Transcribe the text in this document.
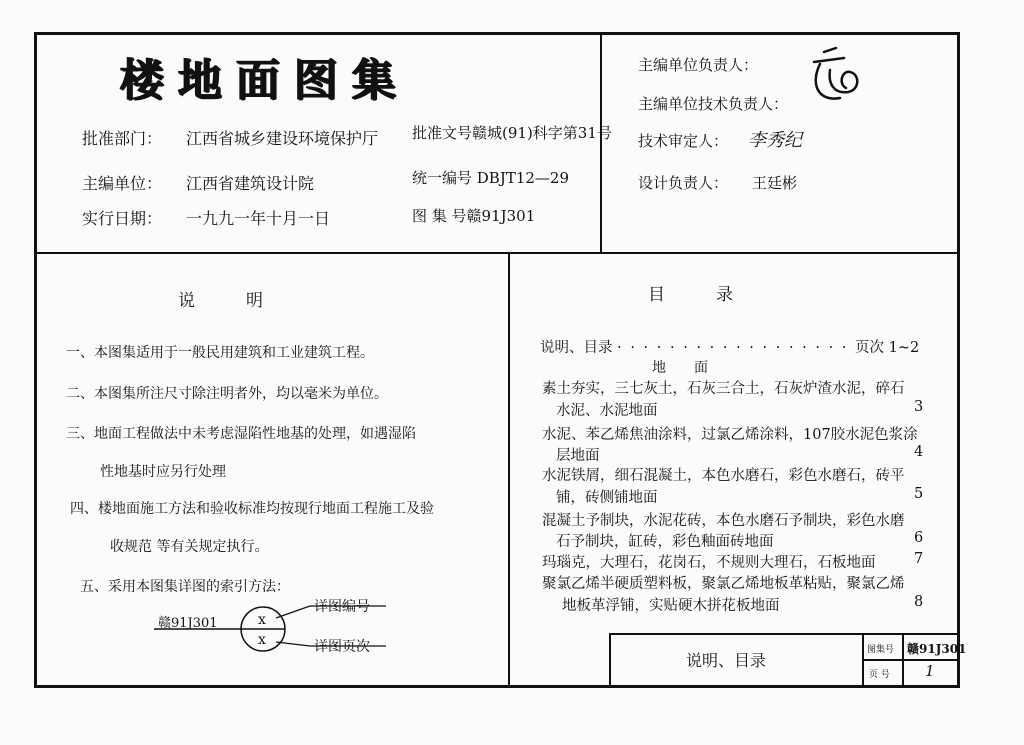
楼地面图集
批准部门： 江西省城乡建设环境保护厅
主编单位： 江西省建筑设计院
实行日期： 一九九一年十月一日
批准文号赣城(91)科字第31号
统一编号 DBJT12—29
图 集 号赣91J301
主编单位负责人：
主编单位技术负责人：
技术审定人： 李秀纪
设计负责人： 王廷彬
说　　　明
一、本图集适用于一般民用建筑和工业建筑工程。
二、本图集所注尺寸除注明者外，均以毫米为单位。
三、地面工程做法中未考虑湿陷性地基的处理，如遇湿陷
性地基时应另行处理
四、楼地面施工方法和验收标准均按现行地面工程施工及验
收规范 等有关规定执行。
五、采用本图集详图的索引方法：
赣91J301	x
x
详图编号
详图页次
目　　　录
说明、目录 · · · · · · · · · · · · · · · · · · 页次 1~2
地　　面
素土夯实，三七灰土，石灰三合土，石灰炉渣水泥，碎石
水泥、水泥地面	3
水泥、苯乙烯焦油涂料，过氯乙烯涂料，107胶水泥色浆涂
层地面	4
水泥铁屑，细石混凝土，本色水磨石，彩色水磨石，砖平
铺，砖侧铺地面	5
混凝土予制块，水泥花砖，本色水磨石予制块，彩色水磨
石予制块，缸砖，彩色釉面砖地面	6
玛瑙克，大理石，花岗石，不规则大理石，石板地面	7
聚氯乙烯半硬质塑料板，聚氯乙烯地板革粘贴，聚氯乙烯
地板革浮铺，实贴硬木拼花板地面	8
说明、目录
图集号 赣91J301
页 号 1
